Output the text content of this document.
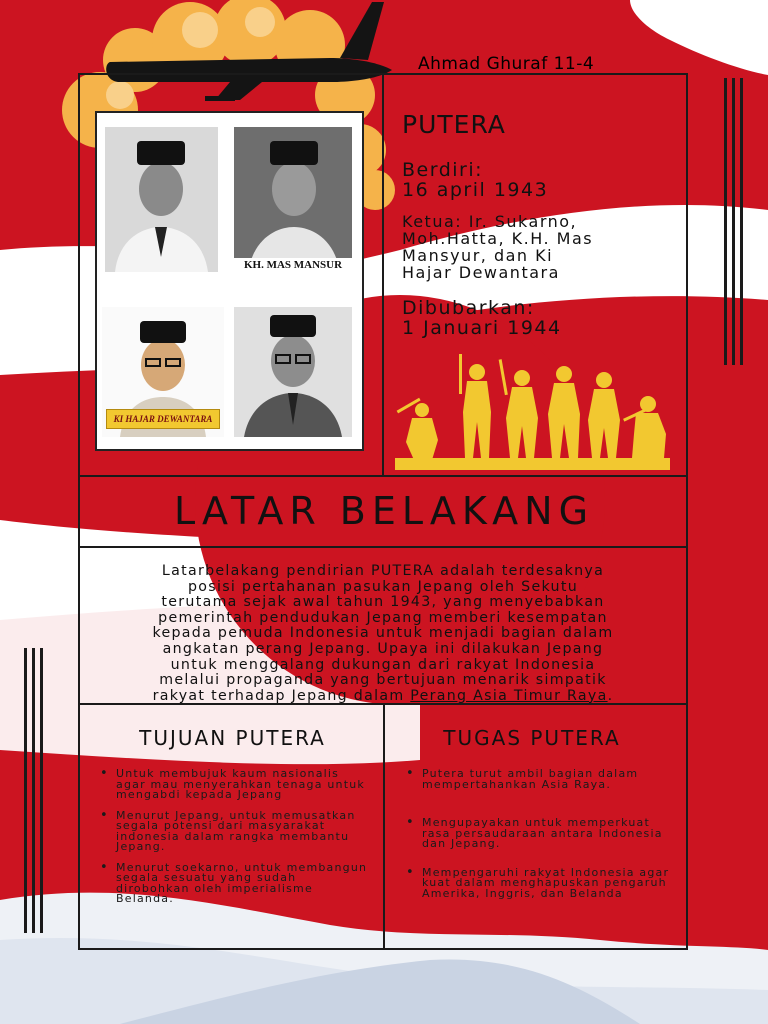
Ahmad Ghuraf 11-4
KH. MAS MANSUR
KI HAJAR DEWANTARA
PUTERA
Berdiri:
16 april 1943
Ketua: Ir. Sukarno,
Moh.Hatta, K.H. Mas
Mansyur, dan Ki
Hajar Dewantara
Dibubarkan:
1 Januari 1944
LATAR BELAKANG
Latarbelakang pendirian PUTERA adalah terdesaknya
posisi pertahanan pasukan Jepang oleh Sekutu
terutama sejak awal tahun 1943, yang menyebabkan
pemerintah pendudukan Jepang memberi kesempatan
kepada pemuda Indonesia untuk menjadi bagian dalam
angkatan perang Jepang. Upaya ini dilakukan Jepang
untuk menggalang dukungan dari rakyat Indonesia
melalui propaganda yang bertujuan menarik simpatik
rakyat terhadap Jepang dalam Perang Asia Timur Raya.
TUJUAN PUTERA
• Untuk membujuk kaum nasionalis agar mau menyerahkan tenaga untuk mengabdi kepada Jepang
• Menurut Jepang, untuk memusatkan segala potensi dari masyarakat indonesia dalam rangka membantu Jepang.
• Menurut soekarno, untuk membangun segala sesuatu yang sudah dirobohkan oleh imperialisme Belanda.
TUGAS PUTERA
• Putera turut ambil bagian dalam mempertahankan Asia Raya.
• Mengupayakan untuk memperkuat rasa persaudaraan antara Indonesia dan Jepang.
• Mempengaruhi rakyat Indonesia agar kuat dalam menghapuskan pengaruh Amerika, Inggris, dan Belanda
